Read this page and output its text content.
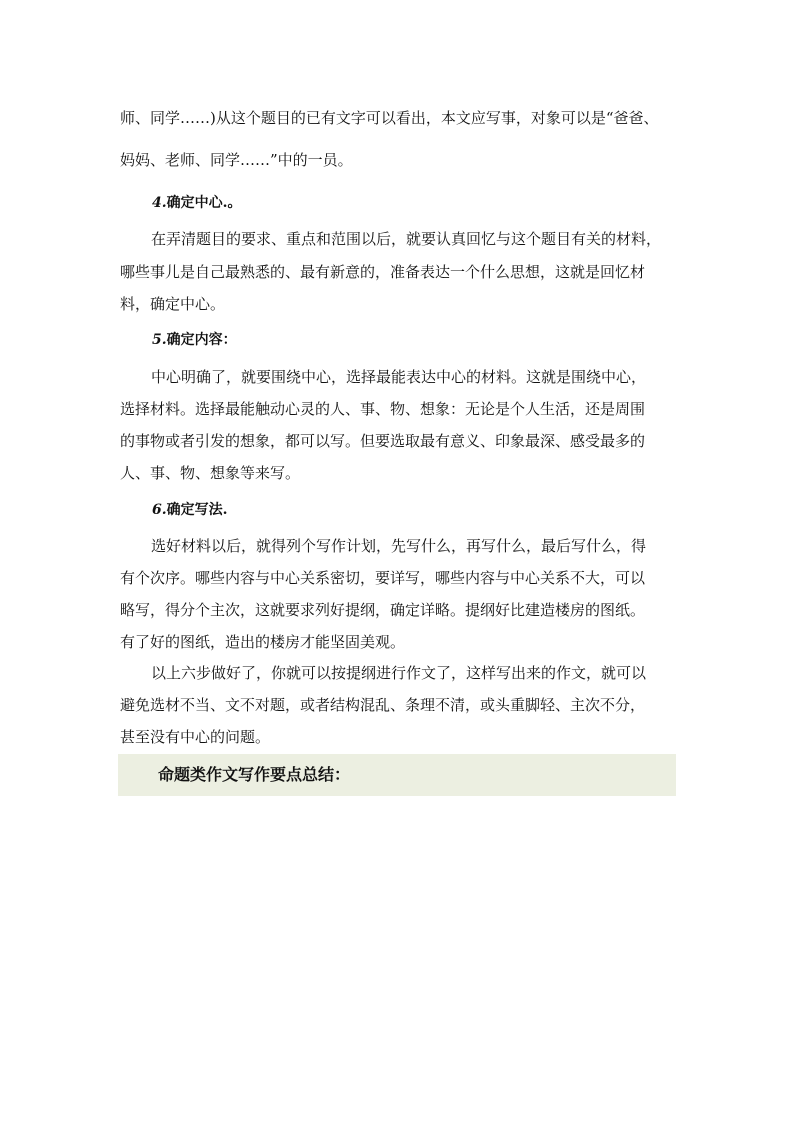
师、同学……)从这个题目的已有文字可以看出，本文应写事，对象可以是“爸爸、
妈妈、老师、同学……”中的一员。
4.确定中心.。
在弄清题目的要求、重点和范围以后，就要认真回忆与这个题目有关的材料，
哪些事儿是自己最熟悉的、最有新意的，准备表达一个什么思想，这就是回忆材
料，确定中心。
5.确定内容：
中心明确了，就要围绕中心，选择最能表达中心的材料。这就是围绕中心，
选择材料。选择最能触动心灵的人、事、物、想象：无论是个人生活，还是周围
的事物或者引发的想象，都可以写。但要选取最有意义、印象最深、感受最多的
人、事、物、想象等来写。
6.确定写法.
选好材料以后，就得列个写作计划，先写什么，再写什么，最后写什么，得
有个次序。哪些内容与中心关系密切，要详写，哪些内容与中心关系不大，可以
略写，得分个主次，这就要求列好提纲，确定详略。提纲好比建造楼房的图纸。
有了好的图纸，造出的楼房才能坚固美观。
以上六步做好了，你就可以按提纲进行作文了，这样写出来的作文，就可以
避免选材不当、文不对题，或者结构混乱、条理不清，或头重脚轻、主次不分，
甚至没有中心的问题。
命题类作文写作要点总结：
